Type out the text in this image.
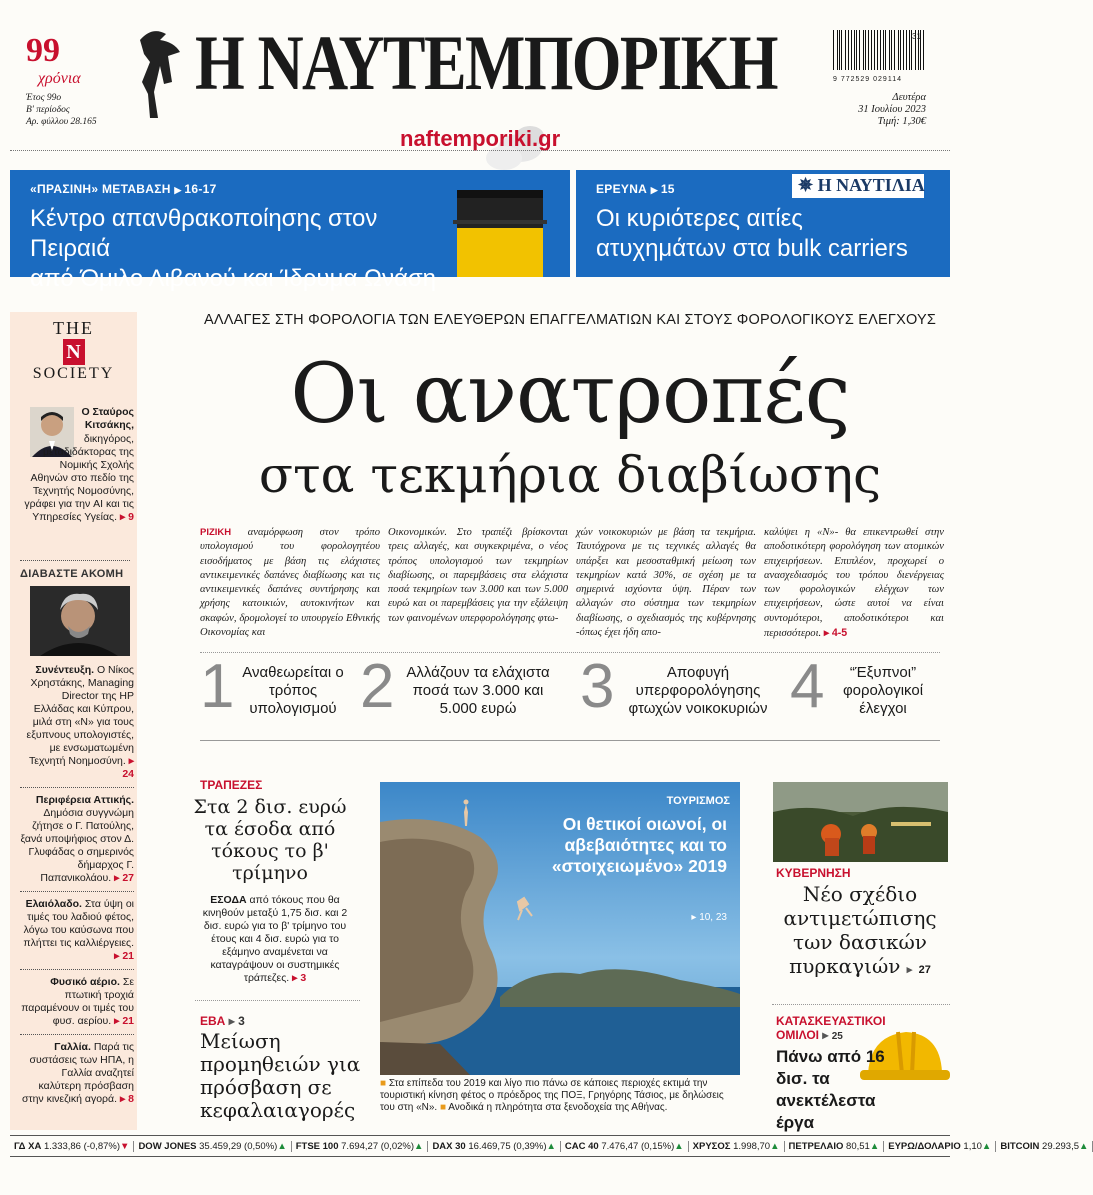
99
χρόνια
Έτος 99ο
Β' περίοδος
Αρ. φύλλου 28.165
Η ΝΑΥΤΕΜΠΟΡΙΚΗ
naftemporiki.gr
31
9 772529 029114
Δευτέρα
31 Ιουλίου 2023
Τιμή: 1,30€
«ΠΡΑΣΙΝΗ» ΜΕΤΑΒΑΣΗ ▶ 16-17
Κέντρο απανθρακοποίησης στον Πειραιά
από Όμιλο Λιβανού και Ίδρυμα Ωνάση
ΕΡΕΥΝΑ ▶ 15
Οι κυριότερες αιτίες
ατυχημάτων στα bulk carriers
✵ Η ΝΑΥΤΙΛΙΑ
THE
N
SOCIETY
Ο Σταύρος Κιτσάκης,
δικηγόρος, μεταδιδάκτορας της Νομικής Σχολής Αθηνών στο πεδίο της Τεχνητής Νομοσύνης, γράφει για την AI και τις Υπηρεσίες Υγείας. ▸ 9
ΔΙΑΒΑΣΤΕ ΑΚΟΜΗ
Συνέντευξη. Ο Νίκος Χρηστάκης, Managing Director της HP Ελλάδας και Κύπρου, μιλά στη «Ν» για τους εξυπνους υπολογιστές, με ενσωματωμένη Τεχνητή Νοημοσύνη. ▸ 24
Περιφέρεια Αττικής. Δημόσια συγγνώμη ζήτησε ο Γ. Πατούλης, ξανά υποψήφιος στον Δ. Γλυφάδας ο σημερινός δήμαρχος Γ. Παπανικολάου. ▸ 27
Ελαιόλαδο. Στα ύψη οι τιμές του λαδιού φέτος, λόγω του καύσωνα που πλήττει τις καλλιέργειες. ▸ 21
Φυσικό αέριο. Σε πτωτική τροχιά παραμένουν οι τιμές του φυσ. αερίου. ▸ 21
Γαλλία. Παρά τις συστάσεις των ΗΠΑ, η Γαλλία αναζητεί καλύτερη πρόσβαση στην κινεζική αγορά. ▸ 8
ΑΛΛΑΓΕΣ ΣΤΗ ΦΟΡΟΛΟΓΙΑ ΤΩΝ ΕΛΕΥΘΕΡΩΝ ΕΠΑΓΓΕΛΜΑΤΙΩΝ ΚΑΙ ΣΤΟΥΣ ΦΟΡΟΛΟΓΙΚΟΥΣ ΕΛΕΓΧΟΥΣ
Οι ανατροπές
στα τεκμήρια διαβίωσης
ΡΙΖΙΚΗ αναμόρφωση στον τρόπο υπολογισμού του φορολογητέου εισοδήματος με βάση τις ελάχιστες αντικειμενικές δαπάνες διαβίωσης και τις αντικειμενικές δαπάνες συντήρησης και χρήσης κατοικιών, αυτοκινήτων και σκαφών, δρομολογεί το υπουργείο Εθνικής Οικονομίας και
Οικονομικών. Στο τραπέζι βρίσκονται τρεις αλλαγές, και συγκεκριμένα, ο νέος τρόπος υπολογισμού των τεκμηρίων διαβίωσης, οι παρεμβάσεις στα ελάχιστα ποσά τεκμηρίων των 3.000 και των 5.000 ευρώ και οι παρεμβάσεις για την εξάλειψη των φαινομένων υπερφορολόγησης φτω-
χών νοικοκυριών με βάση τα τεκμήρια. Ταυτόχρονα με τις τεχνικές αλλαγές θα υπάρξει και μεσοσταθμική μείωση των τεκμηρίων κατά 30%, σε σχέση με τα σημερινά ισχύοντα ύψη. Πέραν των αλλαγών στο σύστημα των τεκμηρίων διαβίωσης, ο σχεδιασμός της κυβέρνησης -όπως έχει ήδη απο-
καλύψει η «Ν»- θα επικεντρωθεί στην αποδοτικότερη φορολόγηση των ατομικών επιχειρήσεων. Επιπλέον, προχωρεί ο ανασχεδιασμός του τρόπου διενέργειας των φορολογικών ελέγχων των επιχειρήσεων, ώστε αυτοί να είναι συντομότεροι, αποδοτικότεροι και περισσότεροι. ▸ 4-5
1 Αναθεωρείται ο τρόπος υπολογισμού 2 Αλλάζουν τα ελάχιστα ποσά των 3.000 και 5.000 ευρώ	3	Αποφυγή υπερφορολόγησης φτωχών νοικοκυριών 4	“Έξυπνοι” φορολογικοί έλεγχοι
ΤΡΑΠΕΖΕΣ
Στα 2 δισ. ευρώ τα έσοδα από τόκους το β' τρίμηνο
ΕΣΟΔΑ από τόκους που θα κινηθούν μεταξύ 1,75 δισ. και 2 δισ. ευρώ για το β' τρίμηνο του έτους και 4 δισ. ευρώ για το εξάμηνο αναμένεται να καταγράψουν οι συστημικές τράπεζες. ▸ 3
ΕΒΑ ▸ 3
Μείωση προμηθειών για πρόσβαση σε κεφαλαιαγορές
ΤΟΥΡΙΣΜΟΣ
Οι θετικοί οιωνοί, οι αβεβαιότητες και το «στοιχειωμένο» 2019
▸ 10, 23
■ Στα επίπεδα του 2019 και λίγο πιο πάνω σε κάποιες περιοχές εκτιμά την τουριστική κίνηση φέτος ο πρόεδρος της ΠΟΞ, Γρηγόρης Τάσιος, με δηλώσεις του στη «Ν». ■ Ανοδικά η πληρότητα στα ξενοδοχεία της Αθήνας.
ΚΥΒΕΡΝΗΣΗ
Νέο σχέδιο αντιμετώπισης των δασικών πυρκαγιών ▸ 27
ΚΑΤΑΣΚΕΥΑΣΤΙΚΟΙ ΟΜΙΛΟΙ ▸ 25
Πάνω από 16 δισ. τα ανεκτέλεστα έργα
ΓΔ ΧΑ 1.333,86 (-0,87%)▼ DOW JONES 35.459,29 (0,50%)▲ FTSE 100 7.694,27 (0,02%)▲ DAX 30 16.469,75 (0,39%)▲ CAC 40 7.476,47 (0,15%)▲ ΧΡΥΣΟΣ 1.998,70▲ ΠΕΤΡΕΛΑΙΟ 80,51▲ ΕΥΡΩ/ΔΟΛΑΡΙΟ 1,10▲ BITCOIN 29.293,5▲
